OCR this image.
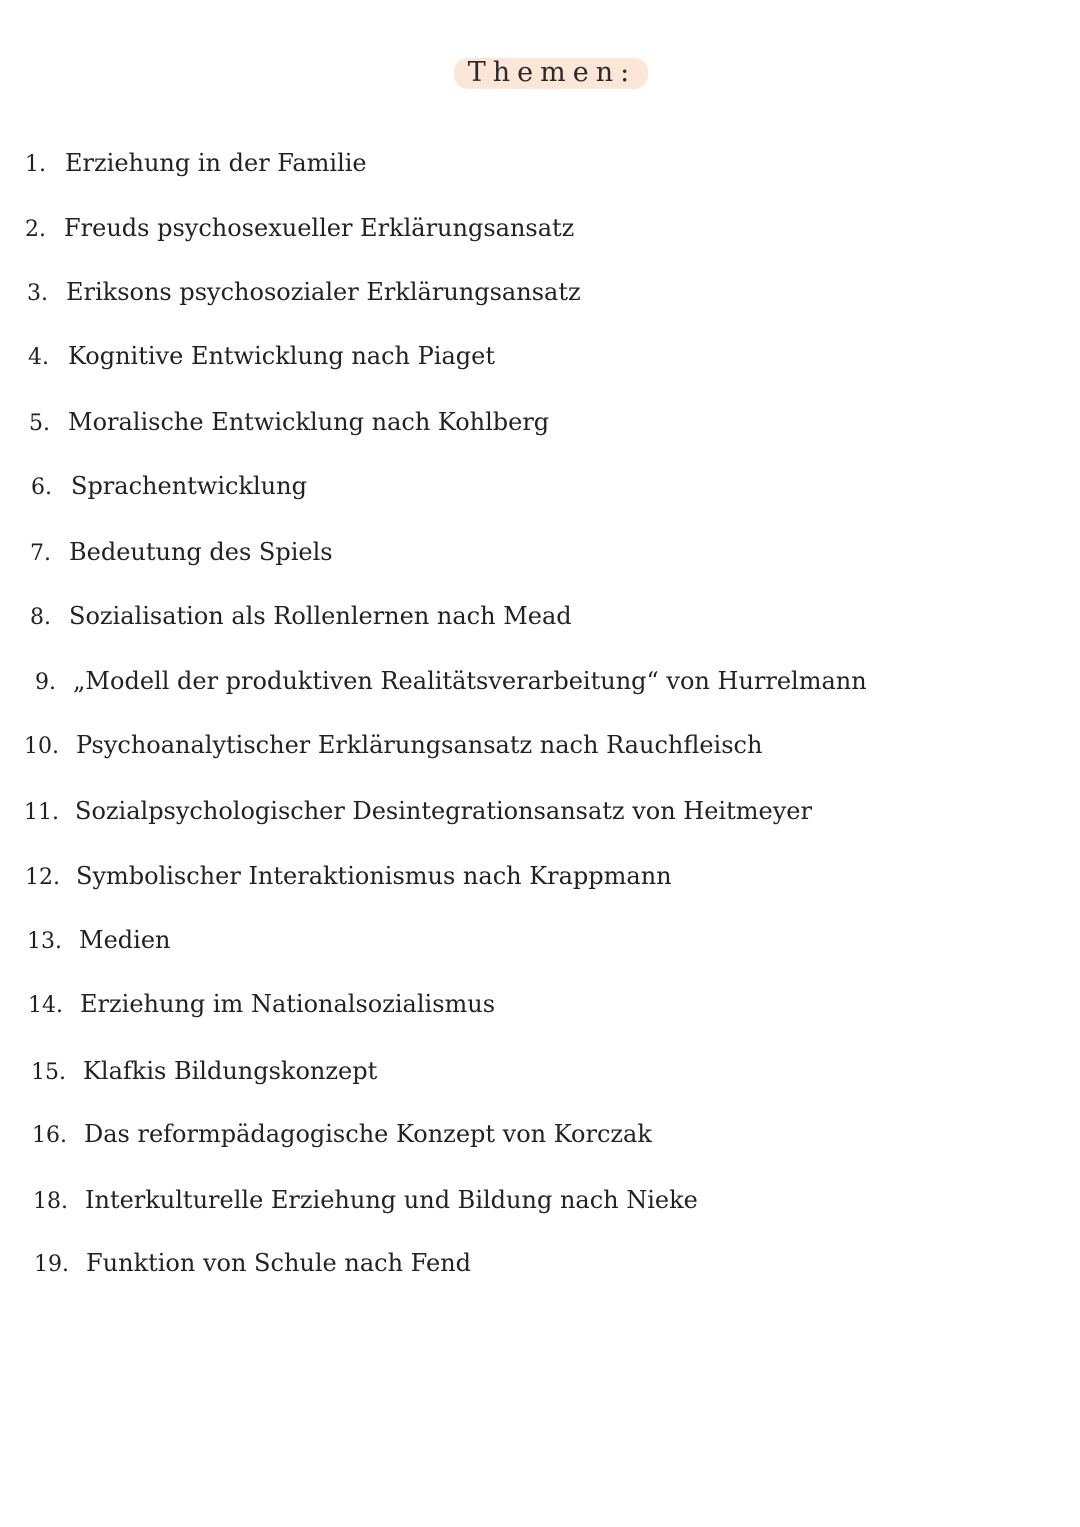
Themen:
1. Erziehung in der Familie
2. Freuds psychosexueller Erklärungsansatz
3. Eriksons psychosozialer Erklärungsansatz
4. Kognitive Entwicklung nach Piaget
5. Moralische Entwicklung nach Kohlberg
6. Sprachentwicklung
7. Bedeutung des Spiels
8. Sozialisation als Rollenlernen nach Mead
9. „Modell der produktiven Realitätsverarbeitung“ von Hurrelmann
10. Psychoanalytischer Erklärungsansatz nach Rauchfleisch
11. Sozialpsychologischer Desintegrationsansatz von Heitmeyer
12. Symbolischer Interaktionismus nach Krappmann
13. Medien
14. Erziehung im Nationalsozialismus
15. Klafkis Bildungskonzept
16. Das reformpädagogische Konzept von Korczak
18. Interkulturelle Erziehung und Bildung nach Nieke
19. Funktion von Schule nach Fend
